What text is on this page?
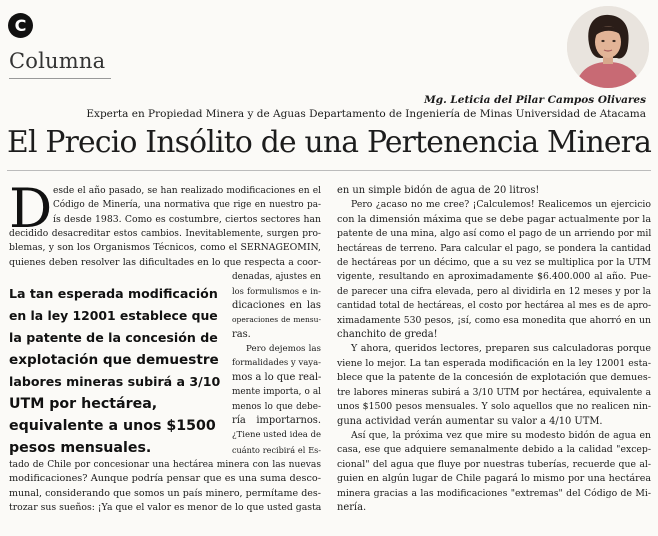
C
Columna
Mg. Leticia del Pilar Campos Olivares
Experta en Propiedad Minera y de Aguas Departamento de Ingeniería de Minas Universidad de Atacama
El Precio Insólito de una Pertenencia Minera
D esde el año pasado, se han realizado modificaciones en el

Código de Minería, una normativa que rige en nuestro pa-

ís desde 1983. Como es costumbre, ciertos sectores han

decidido desacreditar estos cambios. Inevitablemente, surgen pro-

blemas, y son los Organismos Técnicos, como el SERNAGEOMIN,

quienes deben resolver las dificultades en lo que respecta a coor-

La tan esperada modificación
en la ley 12001 establece que
la patente de la concesión de
explotación que demuestre
labores mineras subirá a 3/10
UTM por hectárea,
equivalente a unos $1500
pesos mensuales.

denadas, ajustes en

los formulismos e in-

dicaciones en las

operaciones de mensu-

ras.

Pero dejemos las

formalidades y vaya-

mos a lo que real-

mente importa, o al

menos lo que debe-

ría importarnos.

¿Tiene usted idea de

cuánto recibirá el Es-

tado de Chile por concesionar una hectárea minera con las nuevas

modificaciones? Aunque podría pensar que es una suma desco-

munal, considerando que somos un país minero, permítame des-

trozar sus sueños: ¡Ya que el valor es menor de lo que usted gasta

en un simple bidón de agua de 20 litros!

Pero ¿acaso no me cree? ¡Calculemos! Realicemos un ejercicio

con la dimensión máxima que se debe pagar actualmente por la

patente de una mina, algo así como el pago de un arriendo por mil

hectáreas de terreno. Para calcular el pago, se pondera la cantidad

de hectáreas por un décimo, que a su vez se multiplica por la UTM

vigente, resultando en aproximadamente $6.400.000 al año. Pue-

de parecer una cifra elevada, pero al dividirla en 12 meses y por la

cantidad total de hectáreas, el costo por hectárea al mes es de apro-

ximadamente 530 pesos, ¡sí, como esa monedita que ahorró en un

chanchito de greda!

Y ahora, queridos lectores, preparen sus calculadoras porque

viene lo mejor. La tan esperada modificación en la ley 12001 esta-

blece que la patente de la concesión de explotación que demues-

tre labores mineras subirá a 3/10 UTM por hectárea, equivalente a

unos $1500 pesos mensuales. Y solo aquellos que no realicen nin-

guna actividad verán aumentar su valor a 4/10 UTM.

Así que, la próxima vez que mire su modesto bidón de agua en

casa, ese que adquiere semanalmente debido a la calidad "excep-

cional" del agua que fluye por nuestras tuberías, recuerde que al-

guien en algún lugar de Chile pagará lo mismo por una hectárea

minera gracias a las modificaciones "extremas" del Código de Mi-

nería.
